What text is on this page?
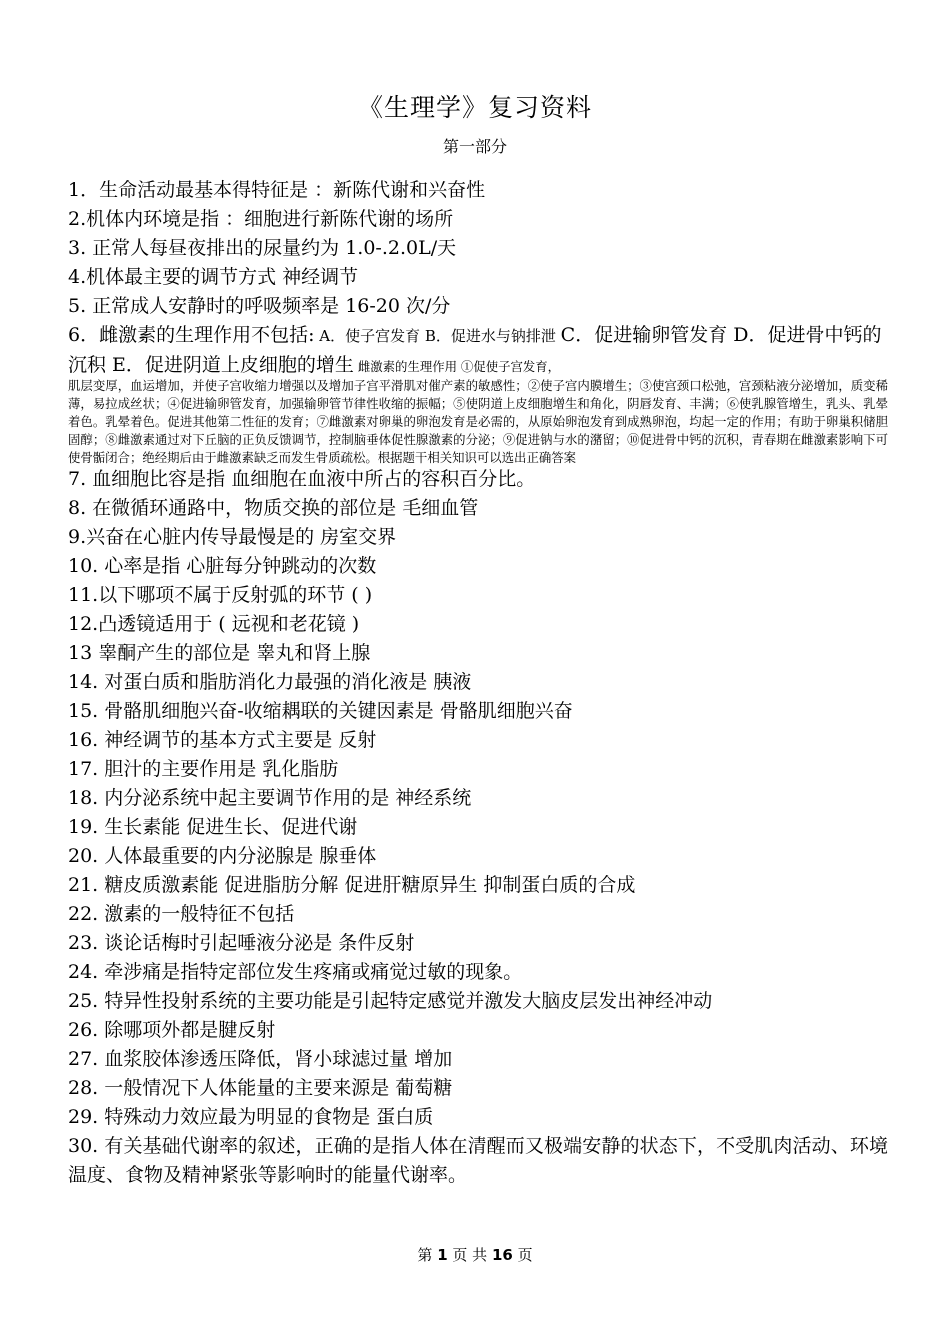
《生理学》复习资料
第一部分
1．生命活动最基本得特征是 ：新陈代谢和兴奋性
2.机体内环境是指 ：细胞进行新陈代谢的场所
3. 正常人每昼夜排出的尿量约为 1.0-.2.0L/天
4.机体最主要的调节方式 神经调节
5. 正常成人安静时的呼吸频率是 16-20 次/分
6．雌激素的生理作用不包括: A．使子宫发育 B．促进水与钠排泄 C．促进输卵管发育 D．促进骨中钙的沉积 E．促进阴道上皮细胞的增生 雌激素的生理作用 ①促使子宫发育，
肌层变厚，血运增加，并使子宫收缩力增强以及增加子宫平滑肌对催产素的敏感性；②使子宫内膜增生；③使宫颈口松弛，宫颈粘液分泌增加，质变稀薄，易拉成丝状；④促进输卵管发育，加强输卵管节律性收缩的振幅；⑤使阴道上皮细胞增生和角化，阴唇发育、丰满；⑥使乳腺管增生，乳头、乳晕着色。乳晕着色。促进其他第二性征的发育；⑦雌激素对卵巢的卵泡发育是必需的，从原始卵泡发育到成熟卵泡，均起一定的作用；有助于卵巢积储胆固醇；⑧雌激素通过对下丘脑的正负反馈调节，控制脑垂体促性腺激素的分泌；⑨促进钠与水的潴留；⑩促进骨中钙的沉积，青春期在雌激素影响下可使骨骺闭合；绝经期后由于雌激素缺乏而发生骨质疏松。根据题干相关知识可以选出正确答案
7. 血细胞比容是指 血细胞在血液中所占的容积百分比。
8. 在微循环通路中，物质交换的部位是 毛细血管
9.兴奋在心脏内传导最慢是的 房室交界
10. 心率是指 心脏每分钟跳动的次数
11.以下哪项不属于反射弧的环节 ( )
12.凸透镜适用于 ( 远视和老花镜 )
13 睾酮产生的部位是 睾丸和肾上腺
14. 对蛋白质和脂肪消化力最强的消化液是 胰液
15. 骨骼肌细胞兴奋-收缩耦联的关键因素是 骨骼肌细胞兴奋
16. 神经调节的基本方式主要是 反射
17. 胆汁的主要作用是 乳化脂肪
18. 内分泌系统中起主要调节作用的是 神经系统
19. 生长素能 促进生长、促进代谢
20. 人体最重要的内分泌腺是 腺垂体
21. 糖皮质激素能 促进脂肪分解 促进肝糖原异生 抑制蛋白质的合成
22. 激素的一般特征不包括
23. 谈论话梅时引起唾液分泌是 条件反射
24. 牵涉痛是指特定部位发生疼痛或痛觉过敏的现象。
25. 特异性投射系统的主要功能是引起特定感觉并激发大脑皮层发出神经冲动
26. 除哪项外都是腱反射
27. 血浆胶体渗透压降低，肾小球滤过量 增加
28. 一般情况下人体能量的主要来源是 葡萄糖
29. 特殊动力效应最为明显的食物是 蛋白质
30. 有关基础代谢率的叙述，正确的是指人体在清醒而又极端安静的状态下，不受肌肉活动、环境温度、食物及精神紧张等影响时的能量代谢率。
第 1 页 共 16 页
